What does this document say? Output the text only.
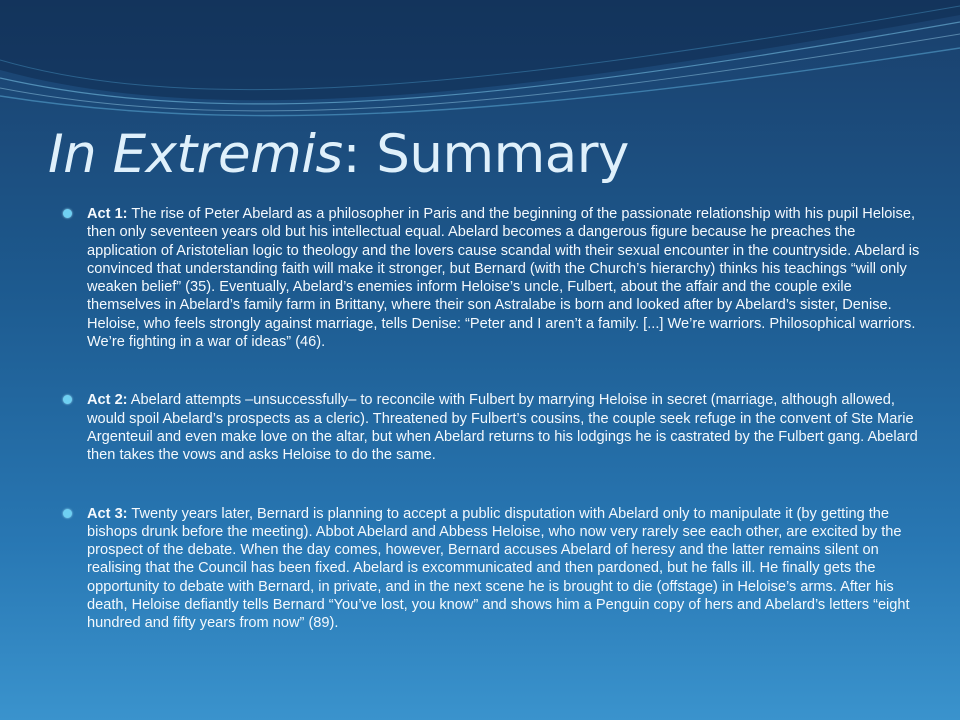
In Extremis: Summary
Act 1: The rise of Peter Abelard as a philosopher in Paris and the beginning of the passionate relationship with his pupil Heloise, then only seventeen years old but his intellectual equal. Abelard becomes a dangerous figure because he preaches the application of Aristotelian logic to theology and the lovers cause scandal with their sexual encounter in the countryside. Abelard is convinced that understanding faith will make it stronger, but Bernard (with the Church’s hierarchy) thinks his teachings “will only weaken belief” (35). Eventually, Abelard’s enemies inform Heloise’s uncle, Fulbert, about the affair and the couple exile themselves in Abelard’s family farm in Brittany, where their son Astralabe is born and looked after by Abelard’s sister, Denise. Heloise, who feels strongly against marriage, tells Denise: “Peter and I aren’t a family. [...] We’re warriors. Philosophical warriors. We’re fighting in a war of ideas” (46).
Act 2: Abelard attempts –unsuccessfully– to reconcile with Fulbert by marrying Heloise in secret (marriage, although allowed, would spoil Abelard’s prospects as a cleric). Threatened by Fulbert’s cousins, the couple seek refuge in the convent of Ste Marie Argenteuil and even make love on the altar, but when Abelard returns to his lodgings he is castrated by the Fulbert gang. Abelard then takes the vows and asks Heloise to do the same.
Act 3: Twenty years later, Bernard is planning to accept a public disputation with Abelard only to manipulate it (by getting the bishops drunk before the meeting). Abbot Abelard and Abbess Heloise, who now very rarely see each other, are excited by the prospect of the debate. When the day comes, however, Bernard accuses Abelard of heresy and the latter remains silent on realising that the Council has been fixed. Abelard is excommunicated and then pardoned, but he falls ill. He finally gets the opportunity to debate with Bernard, in private, and in the next scene he is brought to die (offstage) in Heloise’s arms. After his death, Heloise defiantly tells Bernard “You’ve lost, you know” and shows him a Penguin copy of hers and Abelard’s letters “eight hundred and fifty years from now” (89).
